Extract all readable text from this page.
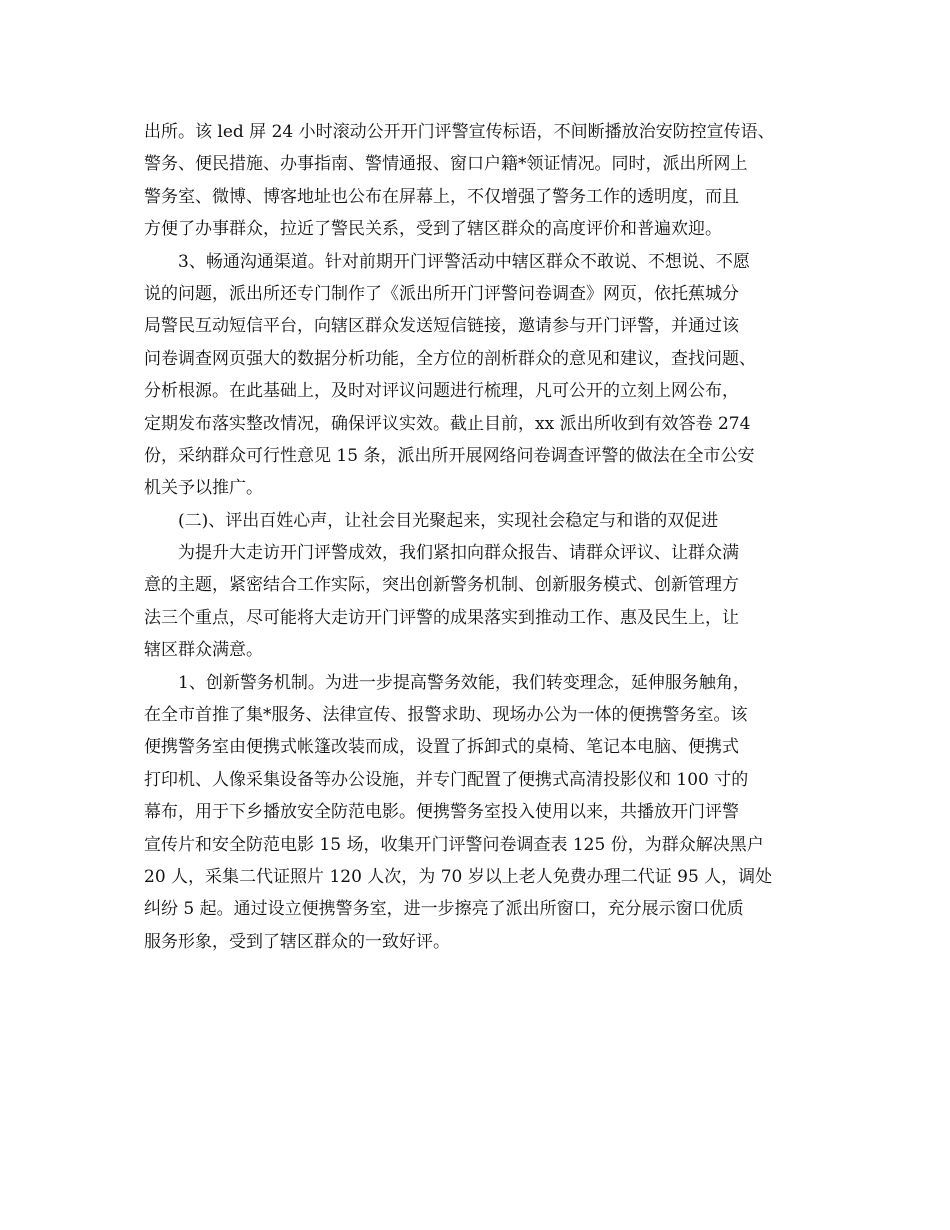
出所。该 led 屏 24 小时滚动公开开门评警宣传标语，不间断播放治安防控宣传语、
警务、便民措施、办事指南、警情通报、窗口户籍*领证情况。同时，派出所网上
警务室、微博、博客地址也公布在屏幕上，不仅增强了警务工作的透明度，而且
方便了办事群众，拉近了警民关系，受到了辖区群众的高度评价和普遍欢迎。
3、畅通沟通渠道。针对前期开门评警活动中辖区群众不敢说、不想说、不愿
说的问题，派出所还专门制作了《派出所开门评警问卷调查》网页，依托蕉城分
局警民互动短信平台，向辖区群众发送短信链接，邀请参与开门评警，并通过该
问卷调查网页强大的数据分析功能，全方位的剖析群众的意见和建议，查找问题、
分析根源。在此基础上，及时对评议问题进行梳理，凡可公开的立刻上网公布，
定期发布落实整改情况，确保评议实效。截止目前，xx 派出所收到有效答卷 274
份，采纳群众可行性意见 15 条，派出所开展网络问卷调查评警的做法在全市公安
机关予以推广。
(二)、评出百姓心声，让社会目光聚起来，实现社会稳定与和谐的双促进
为提升大走访开门评警成效，我们紧扣向群众报告、请群众评议、让群众满
意的主题，紧密结合工作实际，突出创新警务机制、创新服务模式、创新管理方
法三个重点，尽可能将大走访开门评警的成果落实到推动工作、惠及民生上，让
辖区群众满意。
1、创新警务机制。为进一步提高警务效能，我们转变理念，延伸服务触角，
在全市首推了集*服务、法律宣传、报警求助、现场办公为一体的便携警务室。该
便携警务室由便携式帐篷改装而成，设置了拆卸式的桌椅、笔记本电脑、便携式
打印机、人像采集设备等办公设施，并专门配置了便携式高清投影仪和 100 寸的
幕布，用于下乡播放安全防范电影。便携警务室投入使用以来，共播放开门评警
宣传片和安全防范电影 15 场，收集开门评警问卷调查表 125 份，为群众解决黑户
20 人，采集二代证照片 120 人次，为 70 岁以上老人免费办理二代证 95 人，调处
纠纷 5 起。通过设立便携警务室，进一步擦亮了派出所窗口，充分展示窗口优质
服务形象，受到了辖区群众的一致好评。
